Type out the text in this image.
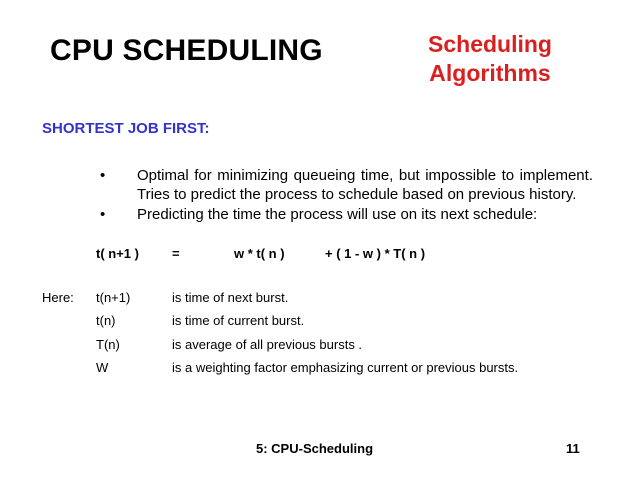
CPU SCHEDULING	Scheduling
Algorithms
SHORTEST JOB FIRST:
•	Optimal for minimizing queueing time, but impossible to implement. Tries to predict the process to schedule based on previous history.
•	Predicting the time the process will use on its next schedule:
t( n+1 )	=	w * t( n )	+ ( 1 - w ) * T( n )
Here: t(n+1)	is time of next burst.
t(n)	is time of current burst.
T(n)	is average of all previous bursts .
W	is a weighting factor emphasizing current or previous bursts.
5: CPU-Scheduling	11
